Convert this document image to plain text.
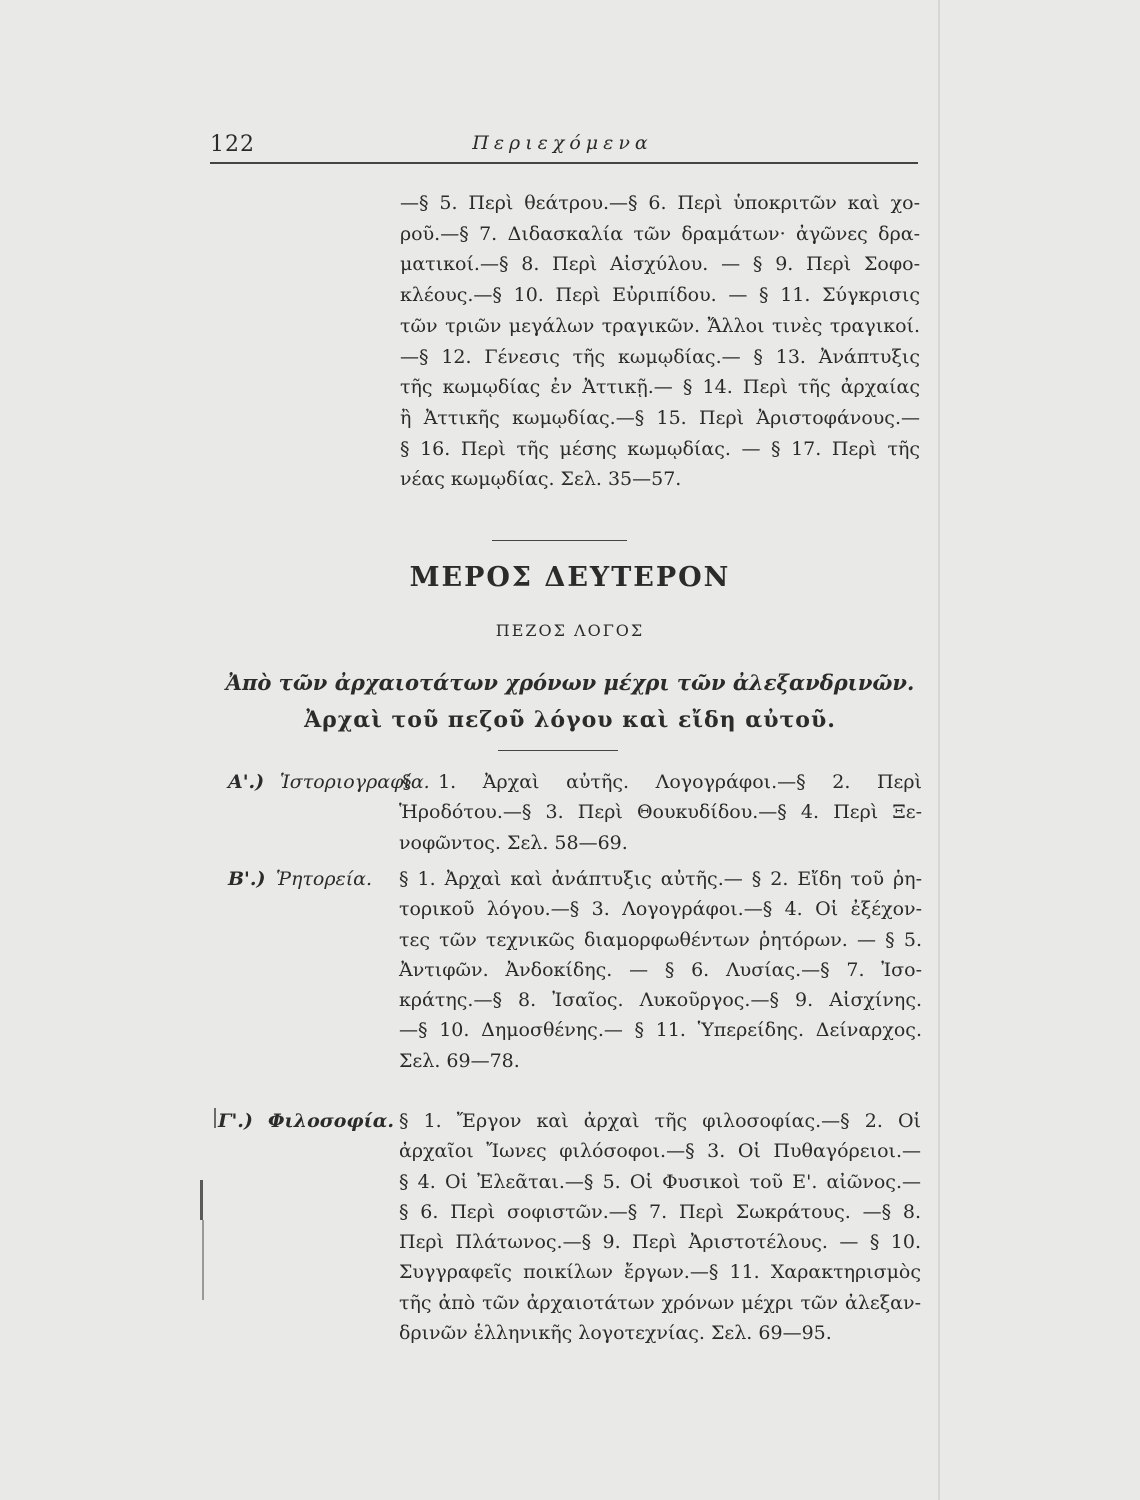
122	Περιεχόμενα

—§ 5. Περὶ θεάτρου.—§ 6. Περὶ ὑποκριτῶν καὶ χο-

ροῦ.—§ 7. Διδασκαλία τῶν δραμάτων· ἀγῶνες δρα-

ματικοί.—§ 8. Περὶ Αἰσχύλου. — § 9. Περὶ Σοφο-

κλέους.—§ 10. Περὶ Εὐριπίδου. — § 11. Σύγκρισις

τῶν τριῶν μεγάλων τραγικῶν. Ἄλλοι τινὲς τραγικοί.

—§ 12. Γένεσις τῆς κωμῳδίας.— § 13. Ἀνάπτυξις

τῆς κωμῳδίας ἐν Ἀττικῇ.— § 14. Περὶ τῆς ἀρχαίας

ἢ Ἀττικῆς κωμῳδίας.—§ 15. Περὶ Ἀριστοφάνους.—

§ 16. Περὶ τῆς μέσης κωμῳδίας. — § 17. Περὶ τῆς

νέας κωμῳδίας. Σελ. 35—57.

ΜΕΡΟΣ ΔΕΥΤΕΡΟΝ
ΠΕΖΟΣ ΛΟΓΟΣ
Ἀπὸ τῶν ἀρχαιοτάτων χρόνων μέχρι τῶν ἀλεξανδρινῶν.
Ἀρχαὶ τοῦ πεζοῦ λόγου καὶ εἴδη αὐτοῦ.
Α'.) Ἱστοριογραφία.
§ 1. Ἀρχαὶ αὐτῆς. Λογογράφοι.—§ 2. Περὶ
Ἡροδότου.—§ 3. Περὶ Θουκυδίδου.—§ 4. Περὶ Ξε-
νοφῶντος. Σελ. 58—69.
Β'.) Ῥητορεία.	§ 1. Ἀρχαὶ καὶ ἀνάπτυξις αὐτῆς.— § 2. Εἴδη τοῦ ῥη-
τορικοῦ λόγου.—§ 3. Λογογράφοι.—§ 4. Οἱ ἐξέχον-
τες τῶν τεχνικῶς διαμορφωθέντων ῥητόρων. — § 5.
Ἀντιφῶν. Ἀνδοκίδης. — § 6. Λυσίας.—§ 7. Ἰσο-
κράτης.—§ 8. Ἰσαῖος. Λυκοῦργος.—§ 9. Αἰσχίνης.
—§ 10. Δημοσθένης.— § 11. Ὑπερείδης. Δείναρχος.
Σελ. 69—78.
Γ'.) Φιλοσοφία. § 1. Ἔργον καὶ ἀρχαὶ τῆς φιλοσοφίας.—§ 2. Οἱ
ἀρχαῖοι Ἴωνες φιλόσοφοι.—§ 3. Οἱ Πυθαγόρειοι.—
§ 4. Οἱ Ἐλεᾶται.—§ 5. Οἱ Φυσικοὶ τοῦ Ε'. αἰῶνος.—
§ 6. Περὶ σοφιστῶν.—§ 7. Περὶ Σωκράτους. —§ 8.
Περὶ Πλάτωνος.—§ 9. Περὶ Ἀριστοτέλους. — § 10.
Συγγραφεῖς ποικίλων ἔργων.—§ 11. Χαρακτηρισμὸς
τῆς ἀπὸ τῶν ἀρχαιοτάτων χρόνων μέχρι τῶν ἀλεξαν-
δρινῶν ἑλληνικῆς λογοτεχνίας. Σελ. 69—95.
